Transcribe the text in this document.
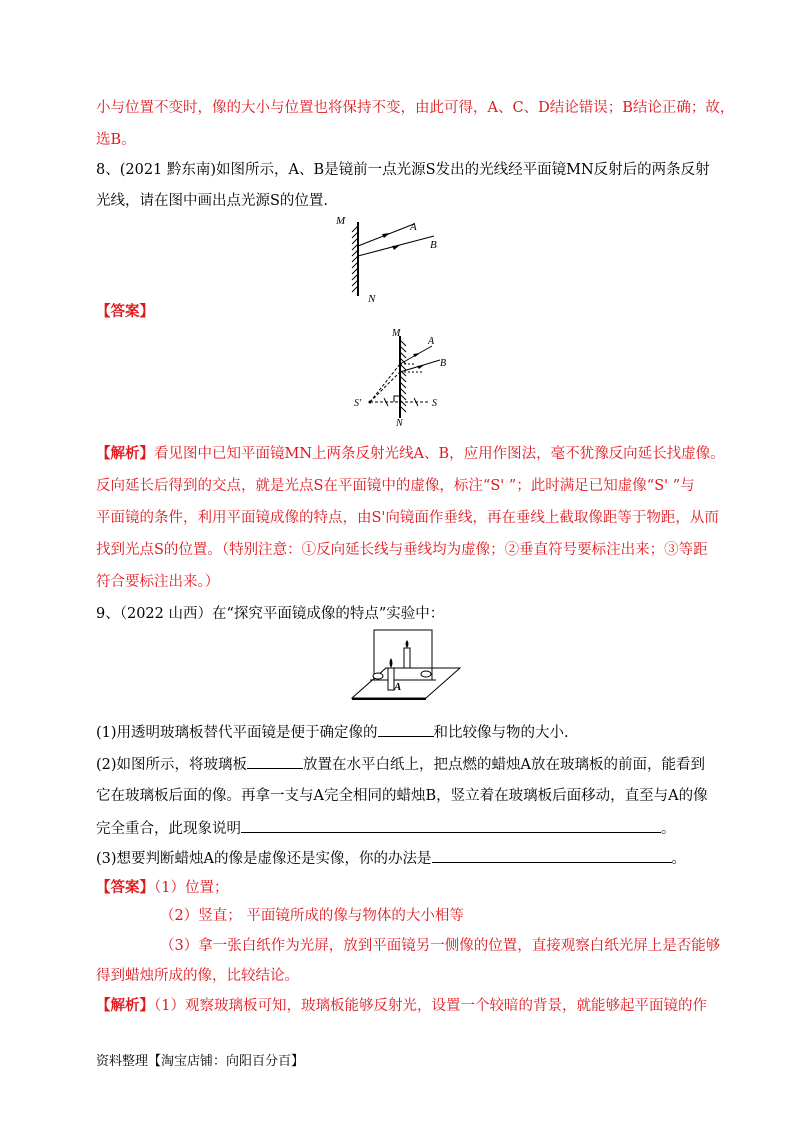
小与位置不变时，像的大小与位置也将保持不变，由此可得，A、C、D结论错误；B结论正确；故，
选B。
8、(2021 黔东南)如图所示，A、B是镜前一点光源S发出的光线经平面镜MN反射后的两条反射
光线，请在图中画出点光源S的位置.
M
N
A
B
【答案】
M
N
A
B
S'	S
【解析】看见图中已知平面镜MN上两条反射光线A、B，应用作图法，毫不犹豫反向延长找虚像。
反向延长后得到的交点，就是光点S在平面镜中的虚像，标注“S' ”；此时满足已知虚像“S' ”与
平面镜的条件，利用平面镜成像的特点，由S'向镜面作垂线，再在垂线上截取像距等于物距，从而
找到光点S的位置。（特别注意：①反向延长线与垂线均为虚像；②垂直符号要标注出来；③等距
符合要标注出来。）
9、（2022 山西）在“探究平面镜成像的特点”实验中：
A
(1)用透明玻璃板替代平面镜是便于确定像的	和比较像与物的大小.
(2)如图所示，将玻璃板	放置在水平白纸上，把点燃的蜡烛A放在玻璃板的前面，能看到
它在玻璃板后面的像。再拿一支与A完全相同的蜡烛B，竖立着在玻璃板后面移动，直至与A的像
完全重合，此现象说明	。
(3)想要判断蜡烛A的像是虚像还是实像，你的办法是	。
【答案】（1）位置；
（2）竖直； 平面镜所成的像与物体的大小相等
（3）拿一张白纸作为光屏，放到平面镜另一侧像的位置，直接观察白纸光屏上是否能够
得到蜡烛所成的像，比较结论。
【解析】（1）观察玻璃板可知，玻璃板能够反射光，设置一个较暗的背景，就能够起平面镜的作
资料整理【淘宝店铺：向阳百分百】
